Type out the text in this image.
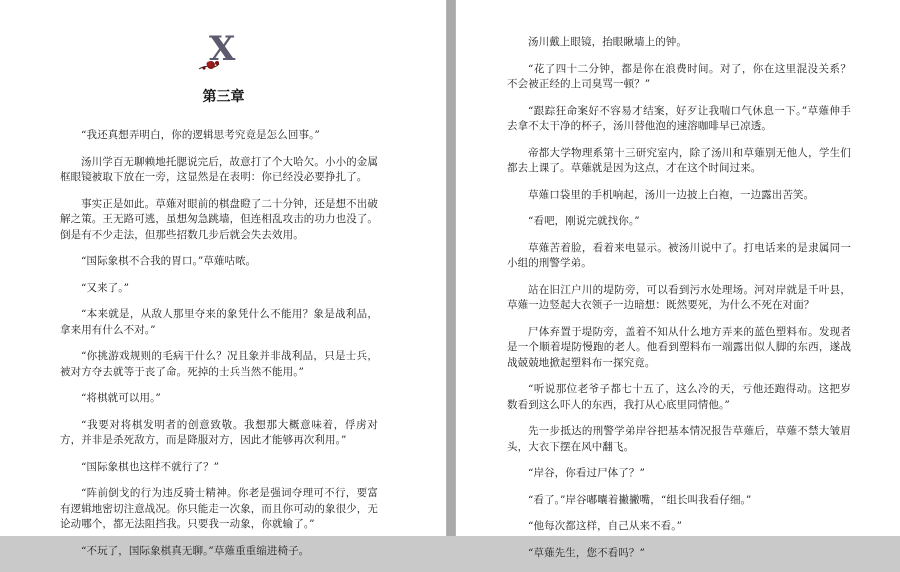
X
第三章

“我还真想弄明白，你的逻辑思考究竟是怎么回事。”

汤川学百无聊赖地托腮说完后，故意打了个大哈欠。小小的金属框眼镜被取下放在一旁，这显然是在表明：你已经没必要挣扎了。

事实正是如此。草薙对眼前的棋盘瞪了二十分钟，还是想不出破解之策。王无路可逃，虽想匆急跳墙，但连相乱攻击的功力也没了。倒是有不少走法，但那些招数几步后就会失去效用。

“国际象棋不合我的胃口。”草薙咕哝。

“又来了。”

“本来就是，从敌人那里夺来的象凭什么不能用？象是战利品，拿来用有什么不对。”

“你挑游戏规则的毛病干什么？况且象并非战利品，只是士兵，被对方夺去就等于丧了命。死掉的士兵当然不能用。”

“将棋就可以用。”

“我要对将棋发明者的创意致敬。我想那大概意味着，俘虏对方，并非是杀死敌方，而是降服对方，因此才能够再次利用。”

“国际象棋也这样不就行了？”

“阵前倒戈的行为违反骑士精神。你老是强词夺理可不行，要富有逻辑地密切注意战况。你只能走一次象，而且你可动的象很少，无论动哪个，都无法阻挡我。只要我一动象，你就输了。”

“不玩了，国际象棋真无聊。”草薙重重缩进椅子。

汤川戴上眼镜，抬眼瞅墙上的钟。

“花了四十二分钟，都是你在浪费时间。对了，你在这里混没关系？不会被正经的上司臭骂一顿？”

“跟踪狂命案好不容易才结案，好歹让我喘口气休息一下。”草薙伸手去拿不太干净的杯子，汤川替他泡的速溶咖啡早已凉透。

帝都大学物理系第十三研究室内，除了汤川和草薙别无他人，学生们都去上课了。草薙就是因为这点，才在这个时间过来。

草薙口袋里的手机响起，汤川一边披上白袍，一边露出苦笑。

“看吧，刚说完就找你。”

草薙苦着脸，看着来电显示。被汤川说中了。打电话来的是隶属同一小组的刑警学弟。

站在旧江户川的堤防旁，可以看到污水处理场。河对岸就是千叶县，草薙一边竖起大衣领子一边暗想：既然要死，为什么不死在对面？

尸体弃置于堤防旁，盖着不知从什么地方弄来的蓝色塑料布。发现者是一个顺着堤防慢跑的老人。他看到塑料布一端露出似人脚的东西，遂战战兢兢地掀起塑料布一探究竟。

“听说那位老爷子都七十五了，这么冷的天，亏他还跑得动。这把岁数看到这么吓人的东西，我打从心底里同情他。”

先一步抵达的刑警学弟岸谷把基本情况报告草薙后，草薙不禁大皱眉头，大衣下摆在风中翻飞。

“岸谷，你看过尸体了？”

“看了。”岸谷嘟囔着撇撇嘴，“组长叫我看仔细。”

“他每次都这样，自己从来不看。”

“草薙先生，您不看吗？”
